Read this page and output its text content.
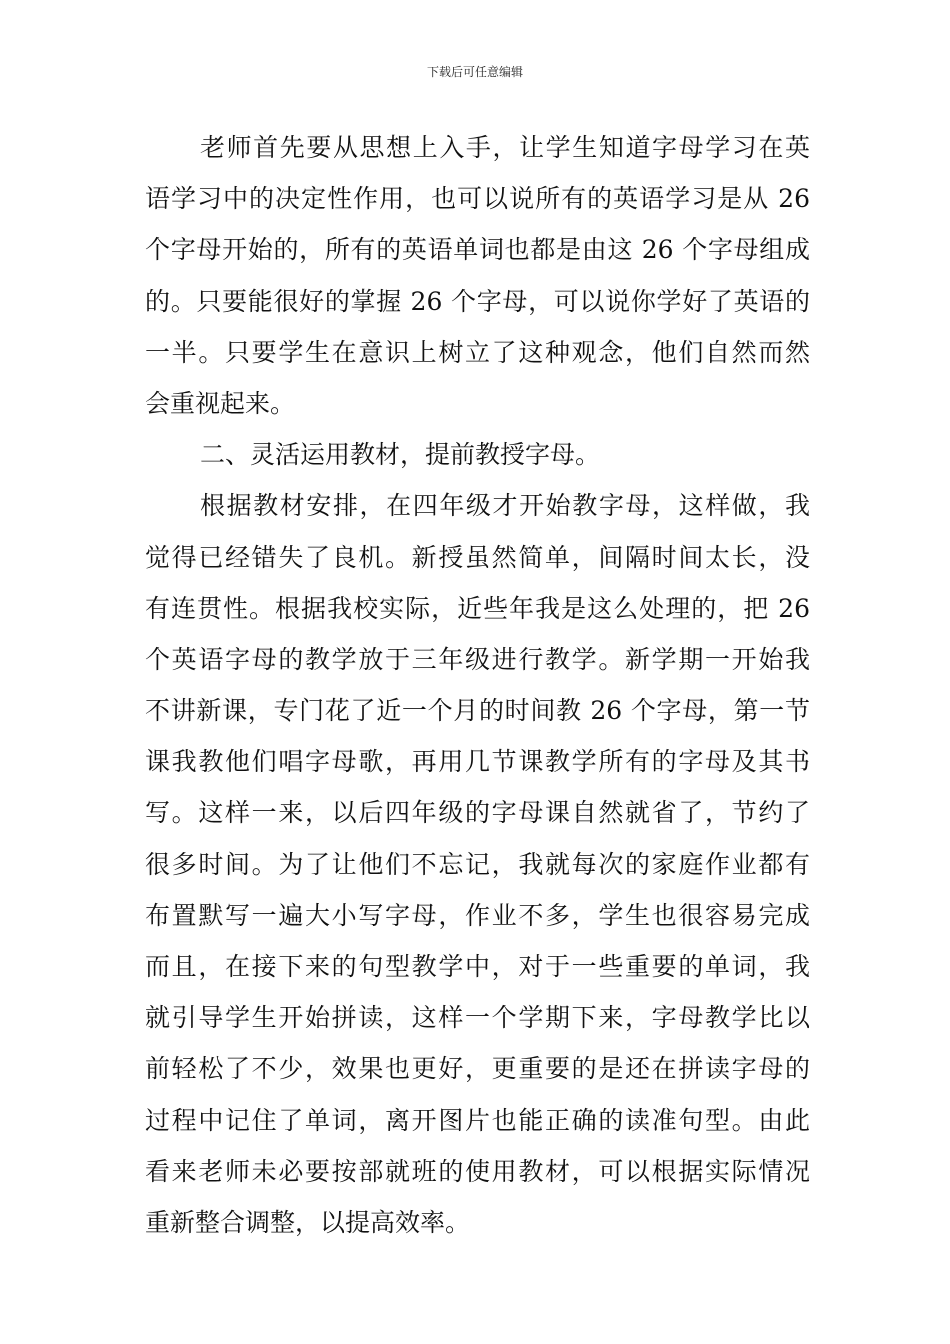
下载后可任意编辑
老师首先要从思想上入手，让学生知道字母学习在英
语学习中的决定性作用，也可以说所有的英语学习是从 26
个字母开始的，所有的英语单词也都是由这 26 个字母组成
的。只要能很好的掌握 26 个字母，可以说你学好了英语的
一半。只要学生在意识上树立了这种观念，他们自然而然
会重视起来。
二、灵活运用教材，提前教授字母。
根据教材安排，在四年级才开始教字母，这样做，我
觉得已经错失了良机。新授虽然简单，间隔时间太长，没
有连贯性。根据我校实际，近些年我是这么处理的，把 26
个英语字母的教学放于三年级进行教学。新学期一开始我
不讲新课，专门花了近一个月的时间教 26 个字母，第一节
课我教他们唱字母歌，再用几节课教学所有的字母及其书
写。这样一来，以后四年级的字母课自然就省了，节约了
很多时间。为了让他们不忘记，我就每次的家庭作业都有
布置默写一遍大小写字母，作业不多，学生也很容易完成
而且，在接下来的句型教学中，对于一些重要的单词，我
就引导学生开始拼读，这样一个学期下来，字母教学比以
前轻松了不少，效果也更好，更重要的是还在拼读字母的
过程中记住了单词，离开图片也能正确的读准句型。由此
看来老师未必要按部就班的使用教材，可以根据实际情况
重新整合调整，以提高效率。
